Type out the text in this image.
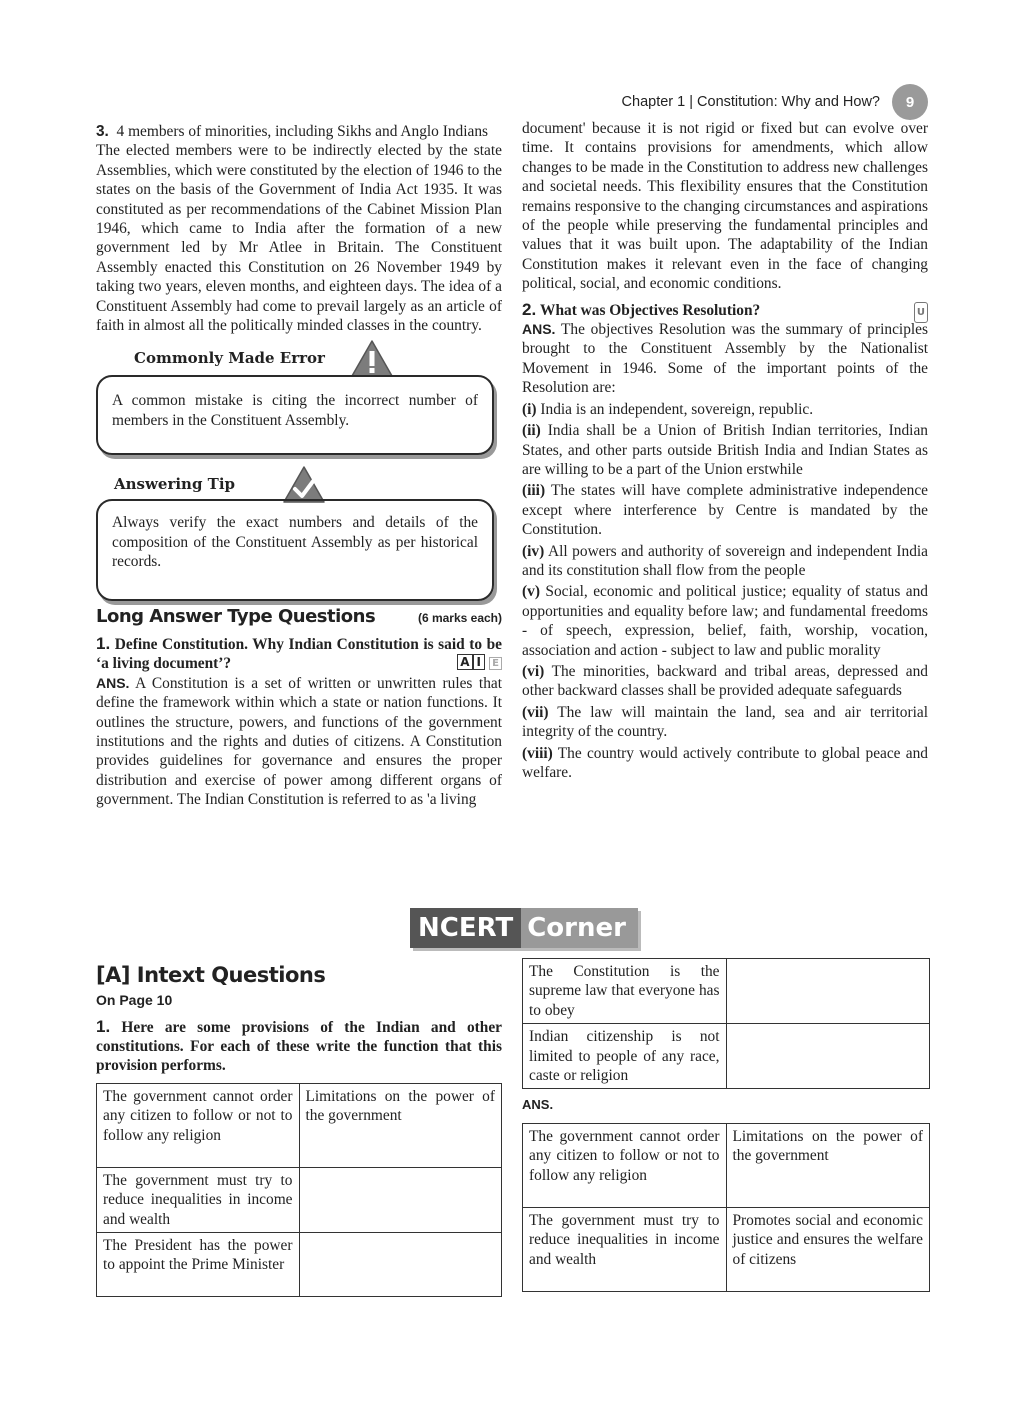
Chapter 1 | Constitution: Why and How?	9

3. 4 members of minorities, including Sikhs and Anglo Indians

The elected members were to be indirectly elected by the state Assemblies, which were constituted by the election of 1946 to the states on the basis of the Government of India Act 1935. It was constituted as per recommendations of the Cabinet Mission Plan 1946, which came to India after the formation of a new government led by Mr Atlee in Britain. The Constituent Assembly enacted this Constitution on 26 November 1949 by taking two years, eleven months, and eighteen days. The idea of a Constituent Assembly had come to prevail largely as an article of faith in almost all the politically minded classes in the country.

Commonly Made Error
A common mistake is citing the incorrect number of members in the Constituent Assembly.
Answering Tip
Always verify the exact numbers and details of the composition of the Constituent Assembly as per historical records.
Long Answer Type Questions	(6 marks each)

1. Define Constitution. Why Indian Constitution is said to be ‘a living document’?	A I E

ANS. A Constitution is a set of written or unwritten rules that define the framework within which a state or nation functions. It outlines the structure, powers, and functions of the government institutions and the rights and duties of citizens. A Constitution provides guidelines for governance and ensures the proper distribution and exercise of power among different organs of government. The Indian Constitution is referred to as 'a living

document' because it is not rigid or fixed but can evolve over time. It contains provisions for amendments, which allow changes to be made in the Constitution to address new challenges and societal needs. This flexibility ensures that the Constitution remains responsive to the changing circumstances and aspirations of the people while preserving the fundamental principles and values that it was built upon. The adaptability of the Indian Constitution makes it relevant even in the face of changing political, social, and economic conditions.

2. What was Objectives Resolution?	U

ANS. The objectives Resolution was the summary of principles brought to the Constituent Assembly by the Nationalist Movement in 1946. Some of the important points of the Resolution are:

(i) India is an independent, sovereign, republic.

(ii) India shall be a Union of British Indian territories, Indian States, and other parts outside British India and Indian States as are willing to be a part of the Union erstwhile

(iii) The states will have complete administrative independence except where interference by Centre is mandated by the Constitution.

(iv) All powers and authority of sovereign and independent India and its constitution shall flow from the people

(v) Social, economic and political justice; equality of status and opportunities and equality before law; and fundamental freedoms - of speech, expression, belief, faith, worship, vocation, association and action - subject to law and public morality

(vi) The minorities, backward and tribal areas, depressed and other backward classes shall be provided adequate safeguards

(vii) The law will maintain the land, sea and air territorial integrity of the country.

(viii) The country would actively contribute to global peace and welfare.

NCERT Corner
[A] Intext Questions
On Page 10

1. Here are some provisions of the Indian and other constitutions. For each of these write the function that this provision performs.

The government cannot order any citizen to follow or not to follow any religion	Limitations on the power of the government
The government must try to reduce inequalities in income and wealth	
The President has the power to appoint the Prime Minister	
The Constitution is the supreme law that everyone has to obey	
Indian citizenship is not limited to people of any race, caste or religion	
ANS.
The government cannot order any citizen to follow or not to follow any religion	Limitations on the power of the government
The government must try to reduce inequalities in income and wealth	Promotes social and economic justice and ensures the welfare of citizens
